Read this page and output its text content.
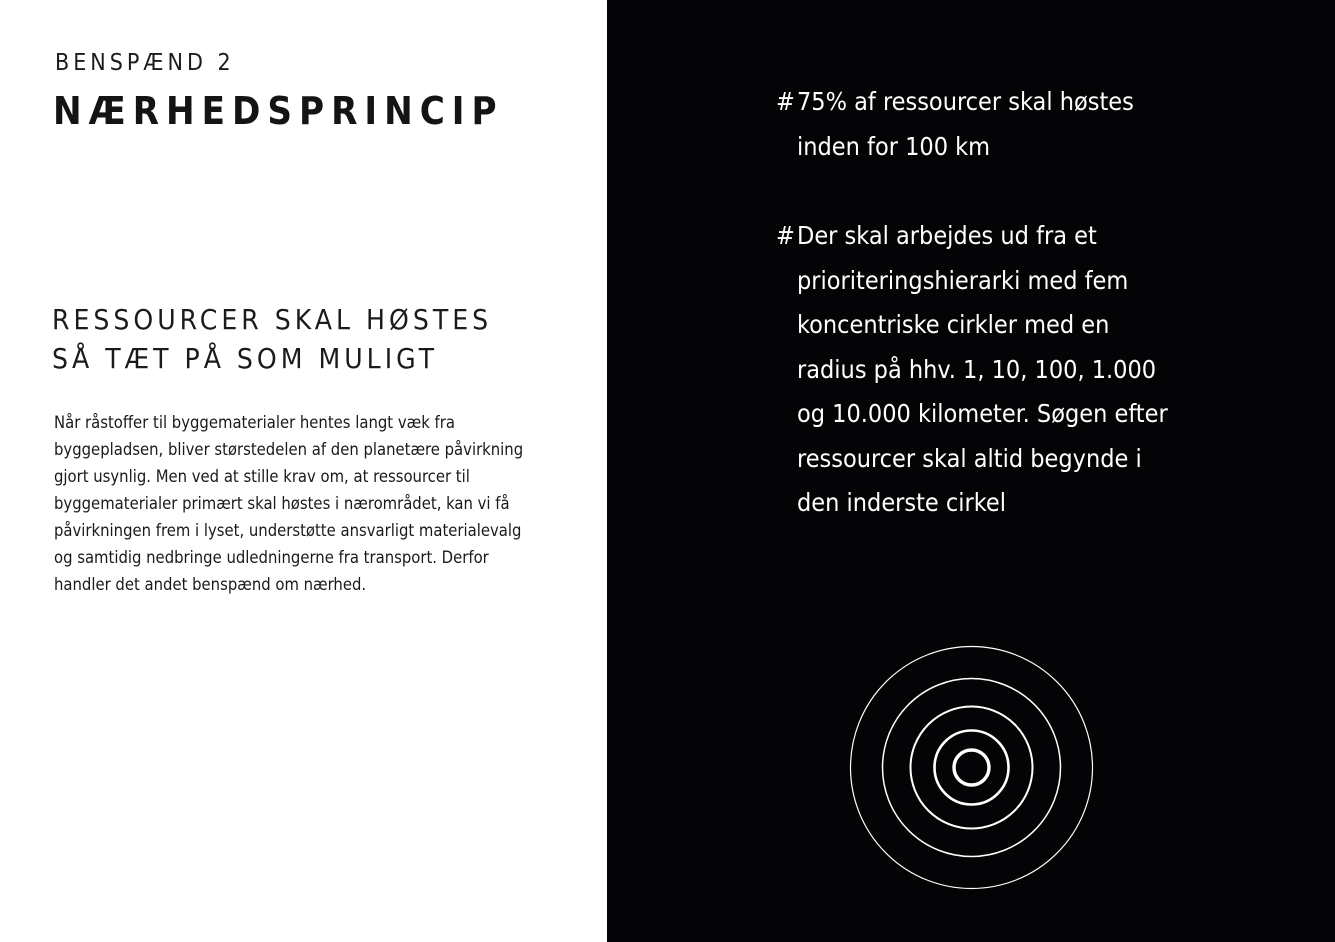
BENSPÆND 2
NÆRHEDSPRINCIP
RESSOURCER SKAL HØSTES
SÅ TÆT PÅ SOM MULIGT

Når råstoffer til byggematerialer hentes langt væk fra
byggepladsen, bliver størstedelen af den planetære påvirkning
gjort usynlig. Men ved at stille krav om, at ressourcer til
byggematerialer primært skal høstes i nærområdet, kan vi få
påvirkningen frem i lyset, understøtte ansvarligt materialevalg
og samtidig nedbringe udledningerne fra transport. Derfor
handler det andet benspænd om nærhed.

# 75% af ressourcer skal høstes
inden for 100 km
# Der skal arbejdes ud fra et
prioriteringshierarki med fem
koncentriske cirkler med en
radius på hhv. 1, 10, 100, 1.000
og 10.000 kilometer. Søgen efter
ressourcer skal altid begynde i
den inderste cirkel
